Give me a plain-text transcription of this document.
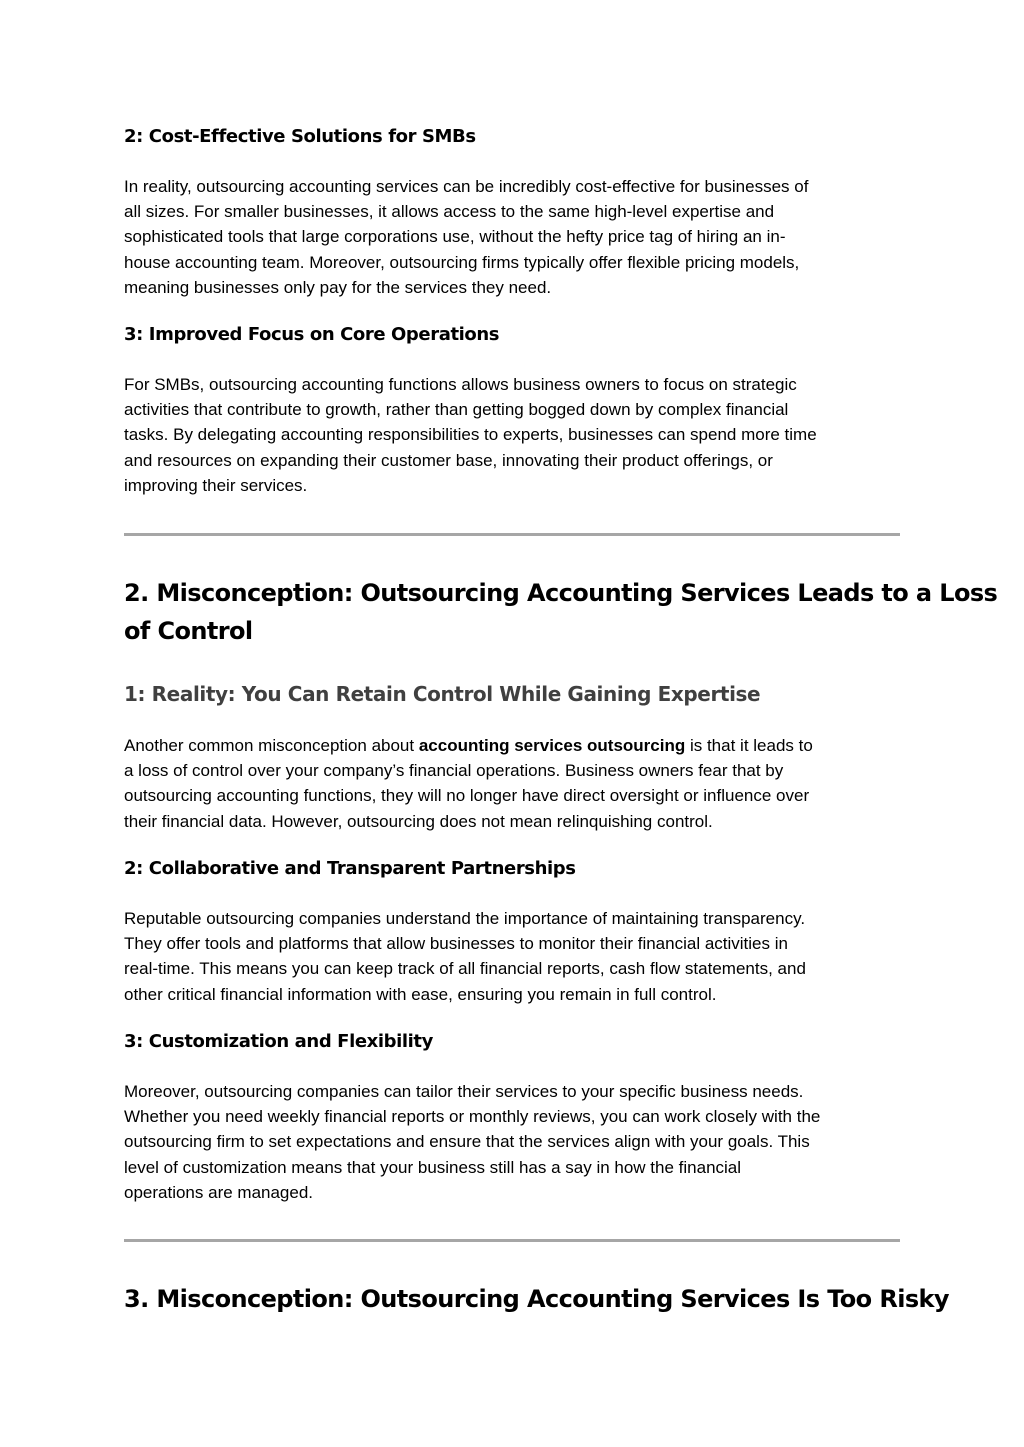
2: Cost-Effective Solutions for SMBs
In reality, outsourcing accounting services can be incredibly cost-effective for businesses of
all sizes. For smaller businesses, it allows access to the same high-level expertise and
sophisticated tools that large corporations use, without the hefty price tag of hiring an in-
house accounting team. Moreover, outsourcing firms typically offer flexible pricing models,
meaning businesses only pay for the services they need.
3: Improved Focus on Core Operations
For SMBs, outsourcing accounting functions allows business owners to focus on strategic
activities that contribute to growth, rather than getting bogged down by complex financial
tasks. By delegating accounting responsibilities to experts, businesses can spend more time
and resources on expanding their customer base, innovating their product offerings, or
improving their services.
2. Misconception: Outsourcing Accounting Services Leads to a Loss
of Control
1: Reality: You Can Retain Control While Gaining Expertise
Another common misconception about accounting services outsourcing is that it leads to
a loss of control over your company’s financial operations. Business owners fear that by
outsourcing accounting functions, they will no longer have direct oversight or influence over
their financial data. However, outsourcing does not mean relinquishing control.
2: Collaborative and Transparent Partnerships
Reputable outsourcing companies understand the importance of maintaining transparency.
They offer tools and platforms that allow businesses to monitor their financial activities in
real-time. This means you can keep track of all financial reports, cash flow statements, and
other critical financial information with ease, ensuring you remain in full control.
3: Customization and Flexibility
Moreover, outsourcing companies can tailor their services to your specific business needs.
Whether you need weekly financial reports or monthly reviews, you can work closely with the
outsourcing firm to set expectations and ensure that the services align with your goals. This
level of customization means that your business still has a say in how the financial
operations are managed.
3. Misconception: Outsourcing Accounting Services Is Too Risky
